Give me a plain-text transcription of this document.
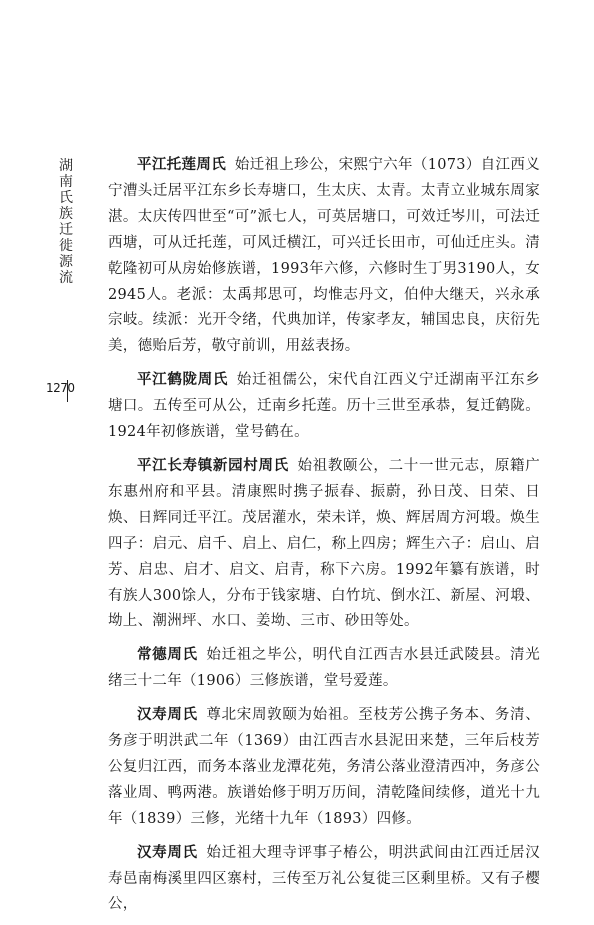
湖南氏族迁徙源流
1270

平江托莲周氏 始迁祖上珍公，宋熙宁六年（1073）自江西义宁漕头迁居平江东乡长寿塘口，生太庆、太青。太青立业城东周家湛。太庆传四世至“可”派七人，可英居塘口，可效迁岑川，可法迁西塘，可从迁托莲，可风迁横江，可兴迁长田市，可仙迁庄头。清乾隆初可从房始修族谱，1993年六修，六修时生丁男3190人，女2945人。老派：太禹邦思可，均惟志丹文，伯仲大继天，兴永承宗岐。续派：光开令绪，代典加详，传家孝友，辅国忠良，庆衍先美，德贻后芳，敬守前训，用兹表扬。

平江鹤陇周氏 始迁祖儒公，宋代自江西义宁迁湖南平江东乡塘口。五传至可从公，迁南乡托莲。历十三世至承恭，复迁鹤陇。1924年初修族谱，堂号鹤在。

平江长寿镇新园村周氏 始祖教颐公，二十一世元志，原籍广东惠州府和平县。清康熙时携子振春、振蔚，孙日茂、日荣、日焕、日辉同迁平江。茂居灌水，荣未详，焕、辉居周方河塅。焕生四子：启元、启千、启上、启仁，称上四房；辉生六子：启山、启芳、启忠、启才、启文、启青，称下六房。1992年纂有族谱，时有族人300馀人，分布于钱家塘、白竹坑、倒水江、新屋、河塅、坳上、潮洲坪、水口、姜坳、三市、砂田等处。

常德周氏 始迁祖之毕公，明代自江西吉水县迁武陵县。清光绪三十二年（1906）三修族谱，堂号爱莲。

汉寿周氏 尊北宋周敦颐为始祖。至枝芳公携子务本、务清、务彦于明洪武二年（1369）由江西吉水县泥田来楚，三年后枝芳公复归江西，而务本落业龙潭花苑，务清公落业澄清西冲，务彦公落业周、鸭两港。族谱始修于明万历间，清乾隆间续修，道光十九年（1839）三修，光绪十九年（1893）四修。

汉寿周氏 始迁祖大理寺评事子椿公，明洪武间由江西迁居汉寿邑南梅溪里四区寨村，三传至万礼公复徙三区剩里桥。又有子樱公，
